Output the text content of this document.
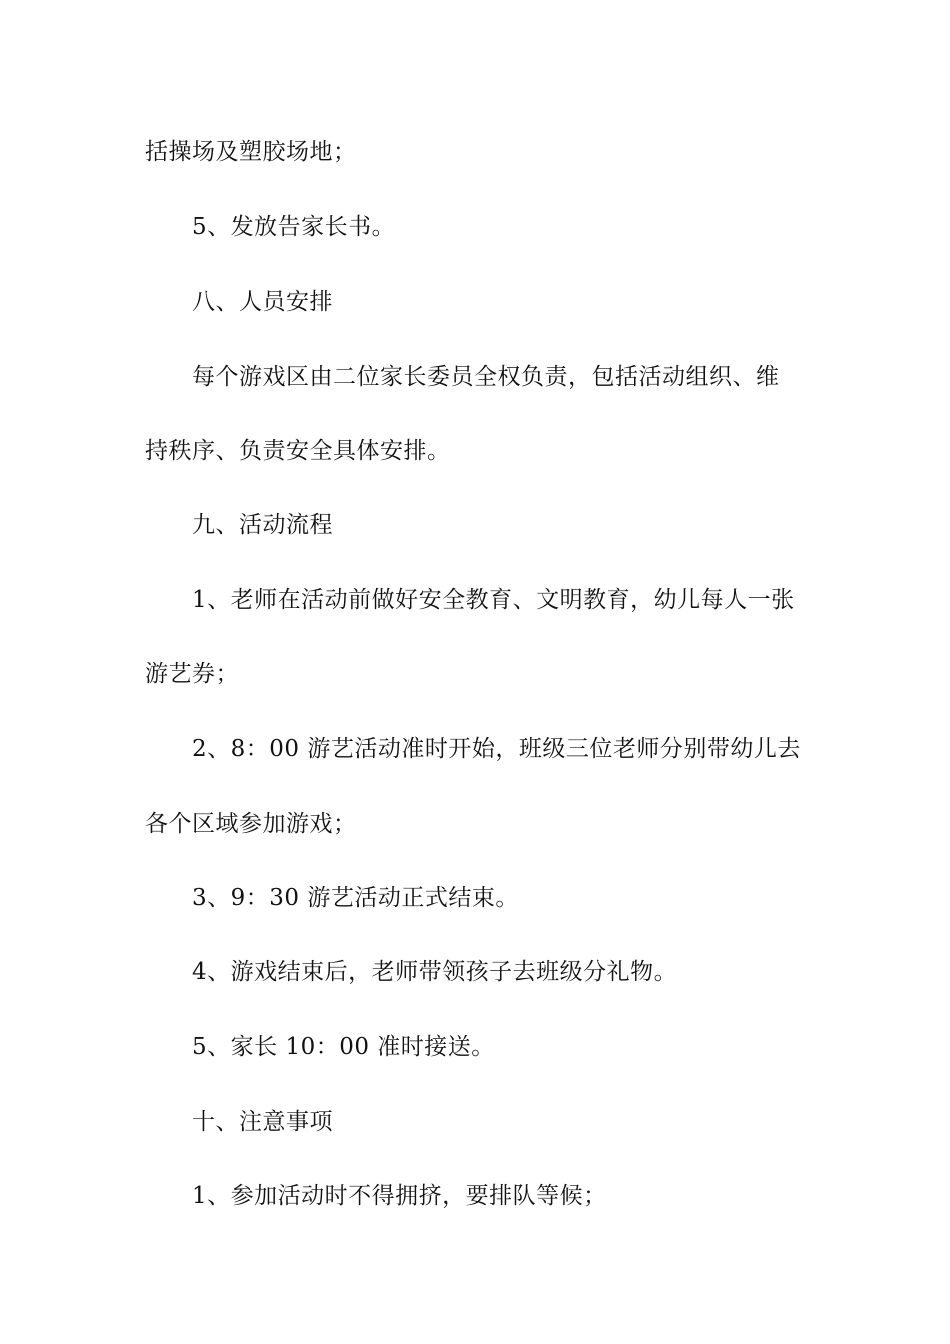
括操场及塑胶场地；
5、发放告家长书。
八、人员安排
每个游戏区由二位家长委员全权负责，包括活动组织、维
持秩序、负责安全具体安排。
九、活动流程
1、老师在活动前做好安全教育、文明教育，幼儿每人一张
游艺券；
2、8：00 游艺活动准时开始，班级三位老师分别带幼儿去
各个区域参加游戏；
3、9：30 游艺活动正式结束。
4、游戏结束后，老师带领孩子去班级分礼物。
5、家长 10：00 准时接送。
十、注意事项
1、参加活动时不得拥挤，要排队等候；
